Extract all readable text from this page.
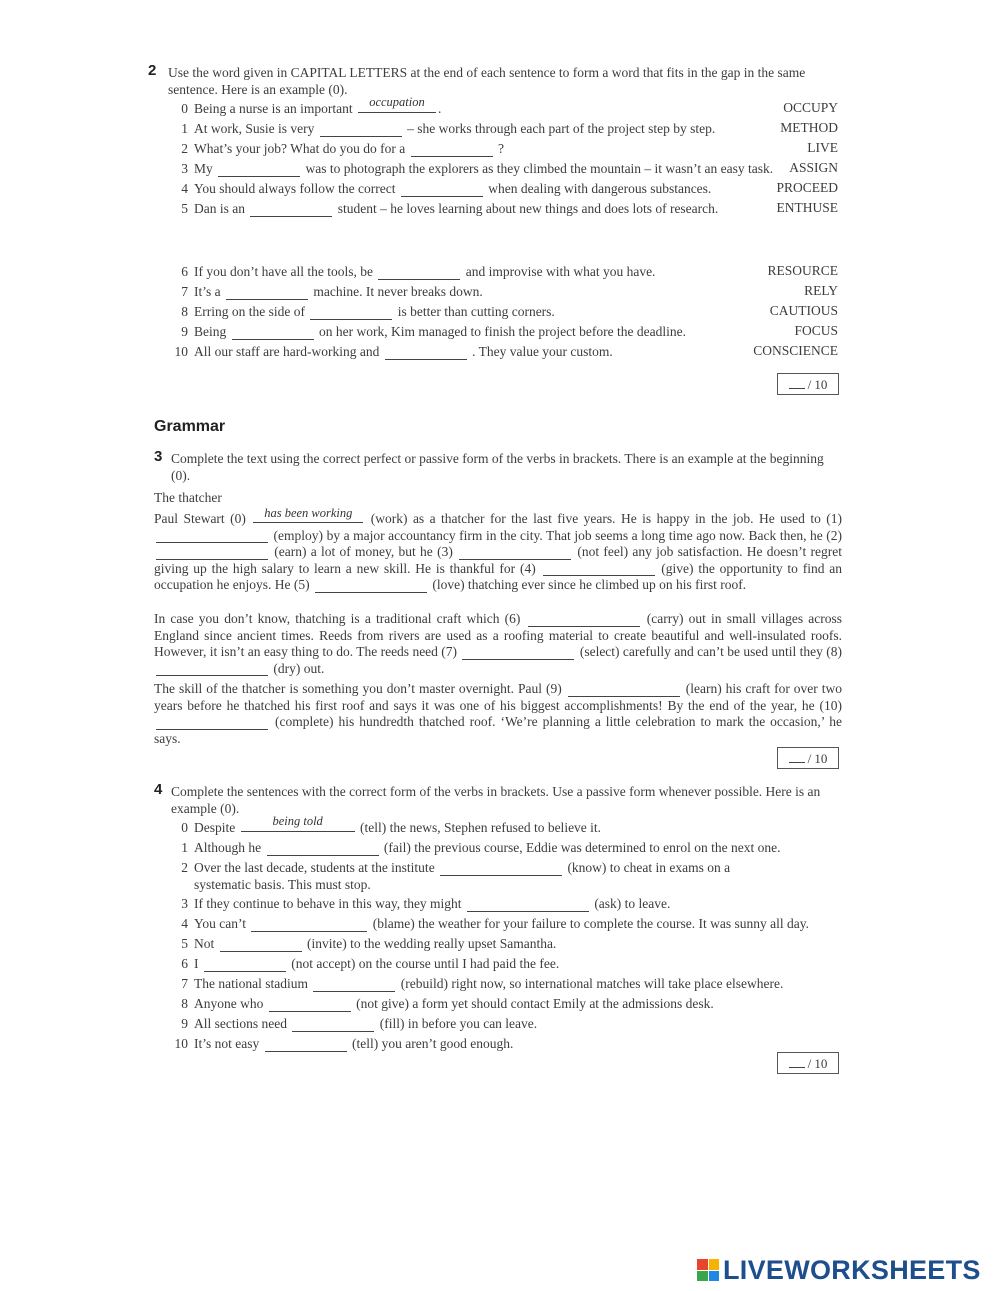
2 Use the word given in CAPITAL LETTERS at the end of each sentence to form a word that fits in the gap in the same sentence. Here is an example (0).
0 Being a nurse is an important	occupation .	OCCUPY
1 At work, Susie is very	– she works through each part of the project step by step.	METHOD
2 What’s your job? What do you do for a	?	LIVE
3 My	was to photograph the explorers as they climbed the mountain – it wasn’t an easy task. ASSIGN
4 You should always follow the correct	when dealing with dangerous substances.	PROCEED
5 Dan is an	student – he loves learning about new things and does lots of research.	ENTHUSE
6 If you don’t have all the tools, be	and improvise with what you have.	RESOURCE
7 It’s a	machine. It never breaks down.	RELY
8 Erring on the side of	is better than cutting corners.	CAUTIOUS
9 Being	on her work, Kim managed to finish the project before the deadline.	FOCUS
10 All our staff are hard-working and	. They value your custom.	CONSCIENCE
/ 10
Grammar
3 Complete the text using the correct perfect or passive form of the verbs in brackets. There is an example at the beginning (0).
The thatcher
Paul Stewart (0)	has been working	(work) as a thatcher for the last five years. He is happy in the job. He used to (1)  (employ) by a major accountancy firm in the city. That job seems a long time ago now. Back then, he (2)  (earn) a lot of money, but he (3)	(not feel) any job satisfaction. He doesn’t regret giving up the high salary to learn a new skill. He is thankful for (4)	(give) the opportunity to find an occupation he enjoys. He (5)	(love) thatching ever since he climbed up on his first roof.
In case you don’t know, thatching is a traditional craft which (6)	(carry) out in small villages across England since ancient times. Reeds from rivers are used as a roofing material to create beautiful and well-insulated roofs. However, it isn’t an easy thing to do. The reeds need (7)	(select) carefully and can’t be used until they (8)  (dry) out.
The skill of the thatcher is something you don’t master overnight. Paul (9)	(learn) his craft for over two years before he thatched his first roof and says it was one of his biggest accomplishments! By the end of the year, he (10)  (complete) his hundredth thatched roof. ‘We’re planning a little celebration to mark the occasion,’ he says.
/ 10
4 Complete the sentences with the correct form of the verbs in brackets. Use a passive form whenever possible. Here is an example (0).
0 Despite	being told	(tell) the news, Stephen refused to believe it.
1 Although he	(fail) the previous course, Eddie was determined to enrol on the next one.
2 Over the last decade, students at the institute	(know) to cheat in exams on a
systematic basis. This must stop.
3 If they continue to behave in this way, they might	(ask) to leave.
4 You can’t	(blame) the weather for your failure to complete the course. It was sunny all day.
5 Not	(invite) to the wedding really upset Samantha.
6 I	(not accept) on the course until I had paid the fee.
7 The national stadium	(rebuild) right now, so international matches will take place elsewhere.
8 Anyone who	(not give) a form yet should contact Emily at the admissions desk.
9 All sections need	(fill) in before you can leave.
10 It’s not easy	(tell) you aren’t good enough.
/ 10
LIVEWORKSHEETS
